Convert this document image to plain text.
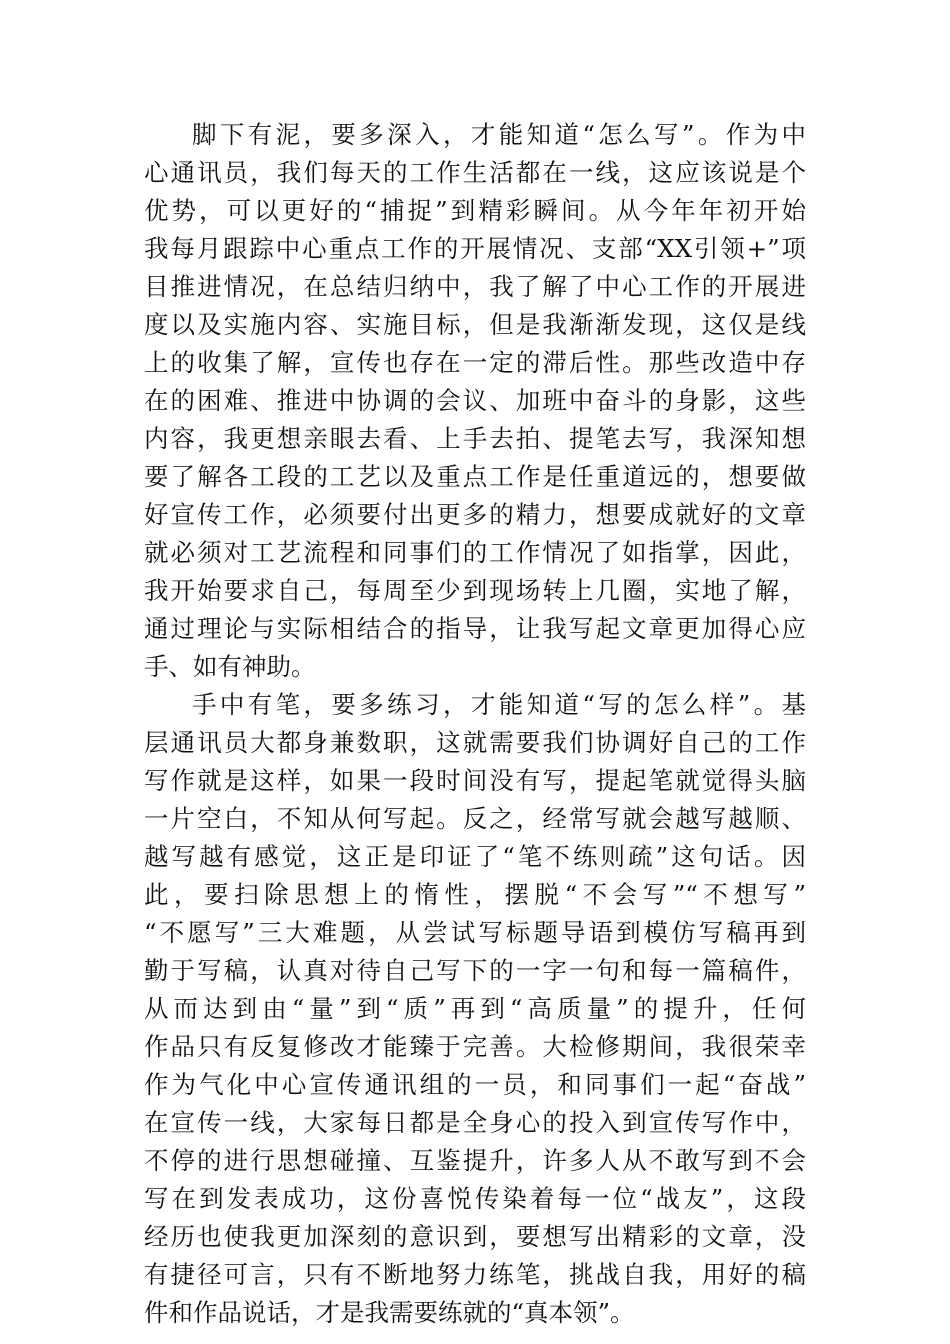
脚下有泥，要多深入，才能知道“怎么写”。作为中
心通讯员，我们每天的工作生活都在一线，这应该说是个
优势，可以更好的“捕捉”到精彩瞬间。从今年年初开始
我每月跟踪中心重点工作的开展情况、支部“XX引领+”项
目推进情况，在总结归纳中，我了解了中心工作的开展进
度以及实施内容、实施目标，但是我渐渐发现，这仅是线
上的收集了解，宣传也存在一定的滞后性。那些改造中存
在的困难、推进中协调的会议、加班中奋斗的身影，这些
内容，我更想亲眼去看、上手去拍、提笔去写，我深知想
要了解各工段的工艺以及重点工作是任重道远的，想要做
好宣传工作，必须要付出更多的精力，想要成就好的文章
就必须对工艺流程和同事们的工作情况了如指掌，因此，
我开始要求自己，每周至少到现场转上几圈，实地了解，
通过理论与实际相结合的指导，让我写起文章更加得心应
手、如有神助。
手中有笔，要多练习，才能知道“写的怎么样”。基
层通讯员大都身兼数职，这就需要我们协调好自己的工作
写作就是这样，如果一段时间没有写，提起笔就觉得头脑
一片空白，不知从何写起。反之，经常写就会越写越顺、
越写越有感觉，这正是印证了“笔不练则疏”这句话。因
此，要扫除思想上的惰性，摆脱“不会写”“不想写”
“不愿写”三大难题，从尝试写标题导语到模仿写稿再到
勤于写稿，认真对待自己写下的一字一句和每一篇稿件，
从而达到由“量”到“质”再到“高质量”的提升，任何
作品只有反复修改才能臻于完善。大检修期间，我很荣幸
作为气化中心宣传通讯组的一员，和同事们一起“奋战”
在宣传一线，大家每日都是全身心的投入到宣传写作中，
不停的进行思想碰撞、互鉴提升，许多人从不敢写到不会
写在到发表成功，这份喜悦传染着每一位“战友”，这段
经历也使我更加深刻的意识到，要想写出精彩的文章，没
有捷径可言，只有不断地努力练笔，挑战自我，用好的稿
件和作品说话，才是我需要练就的“真本领”。
